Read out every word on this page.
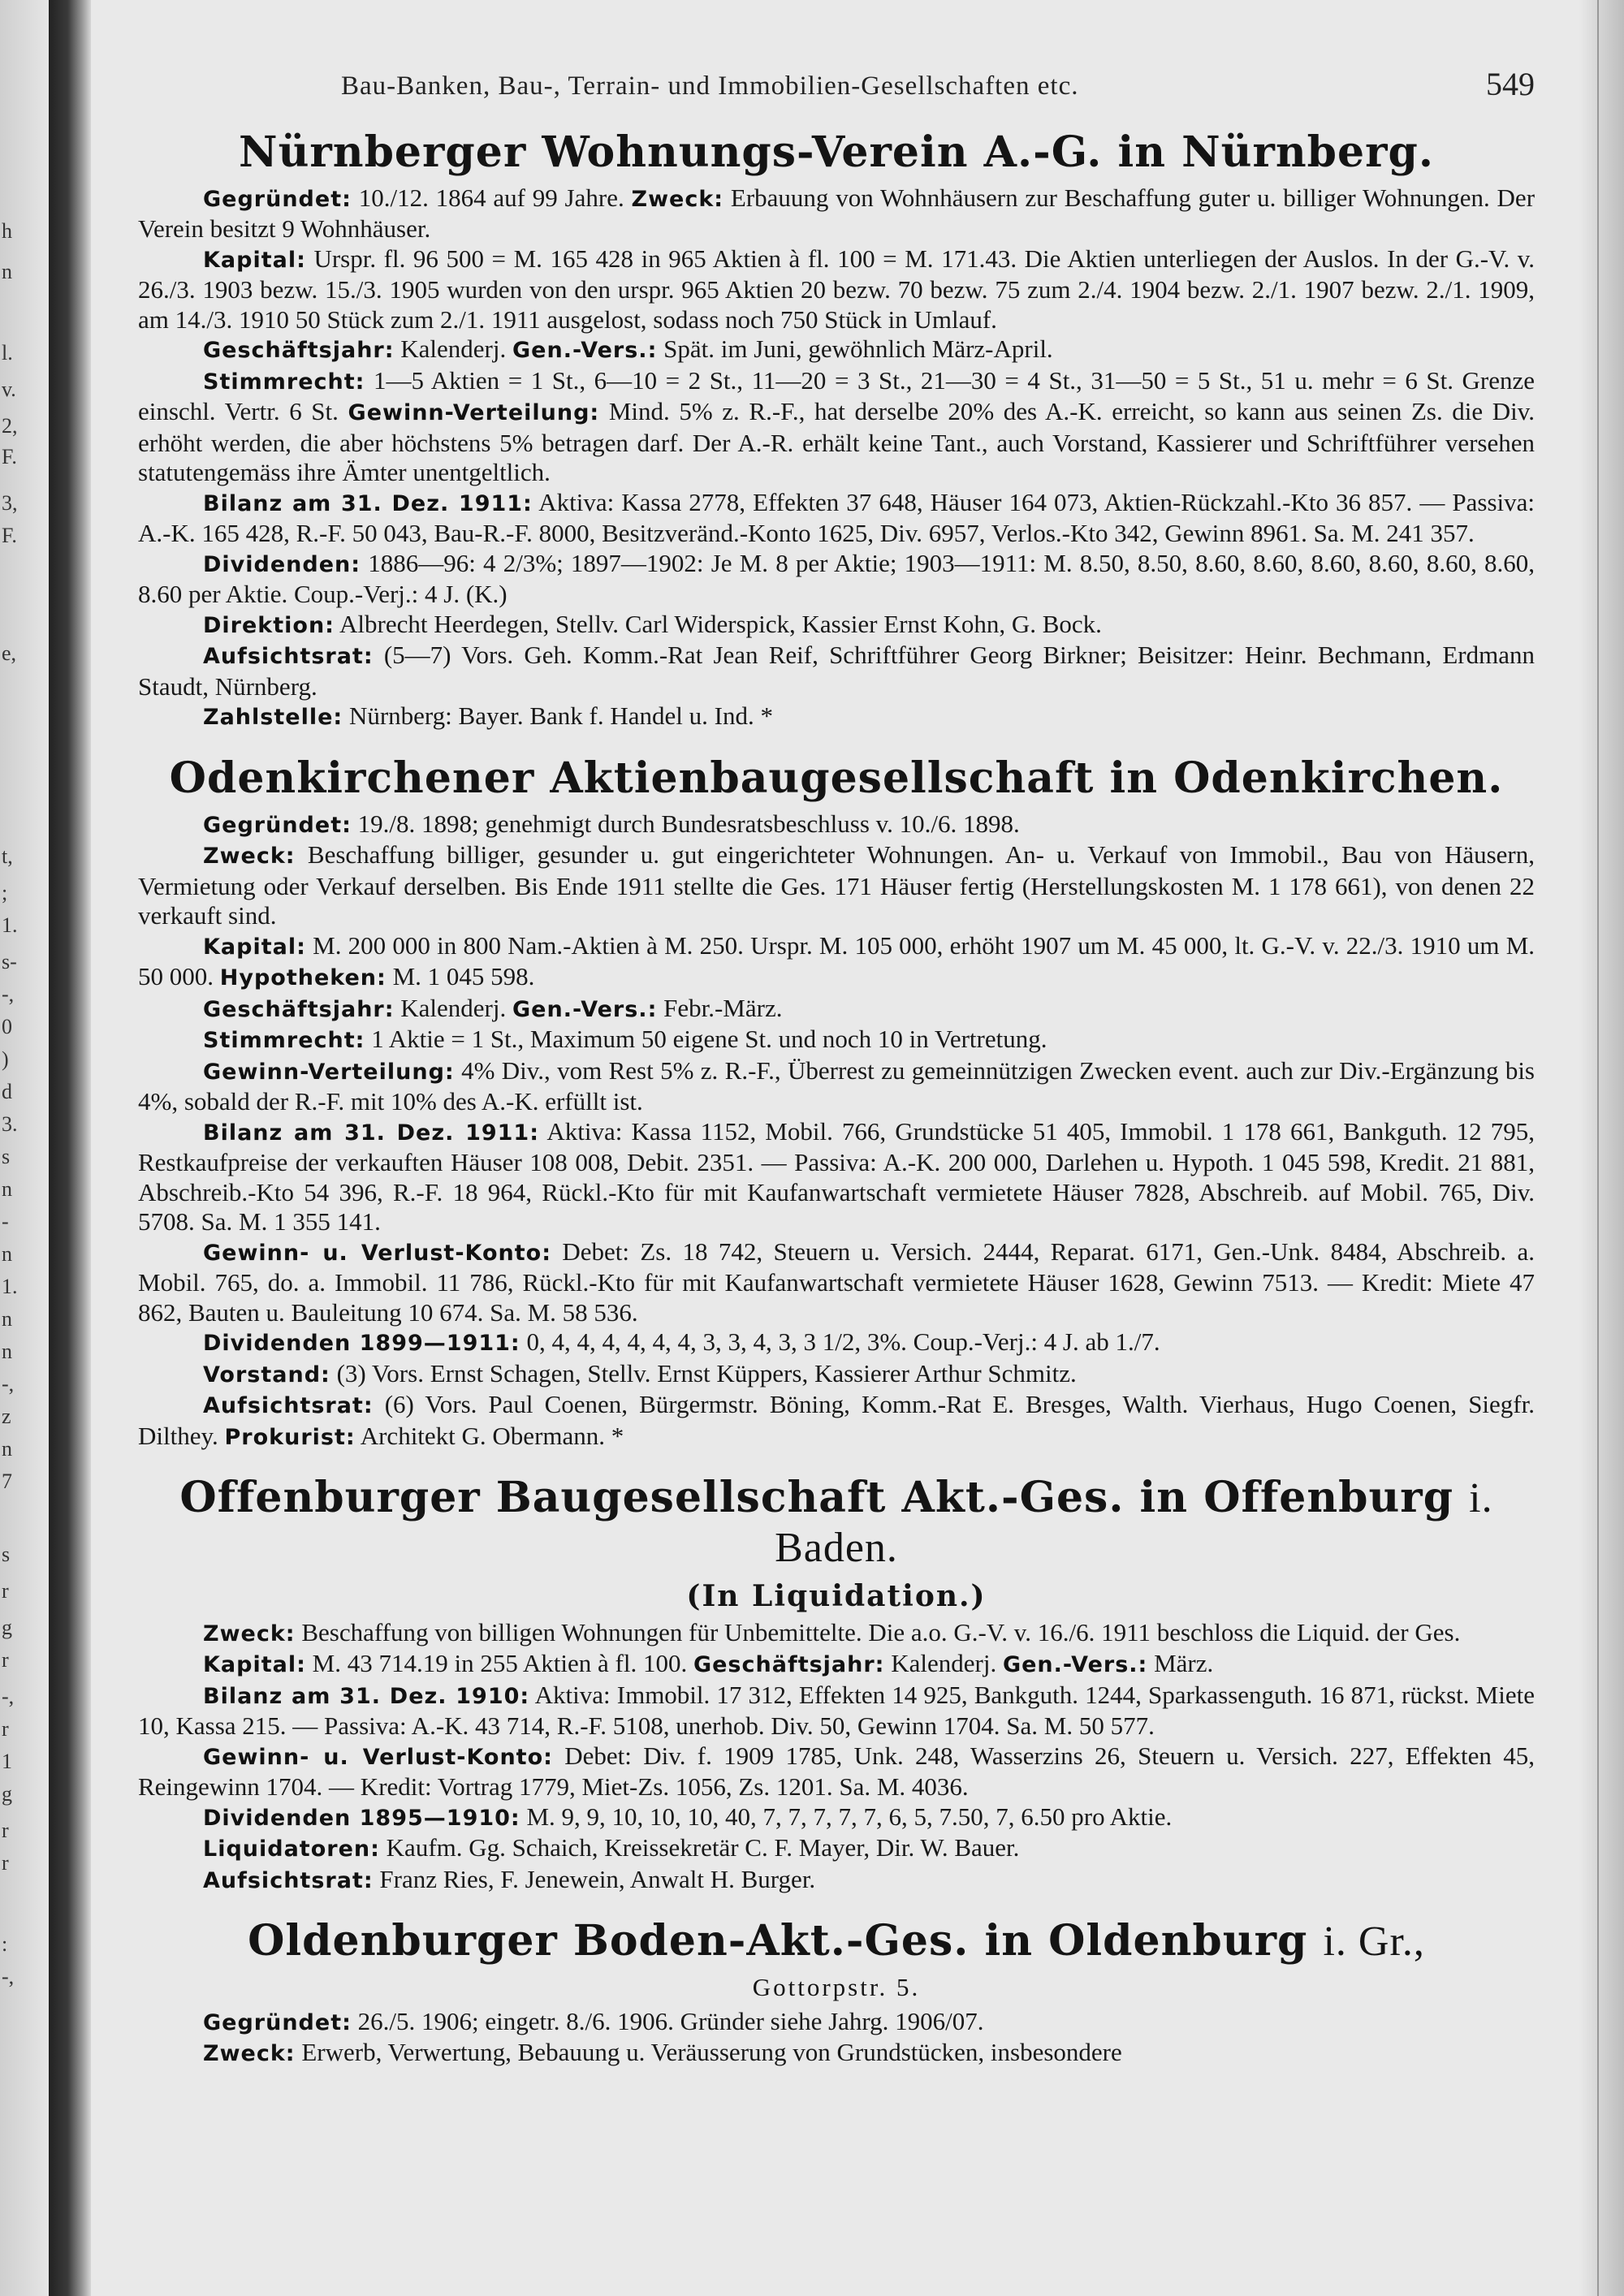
h
n
l.
v.
2,
F.
3,
F.
e,
t,
;
1.
s-
-,
0
)
d
3.
s
n
-
n
1.
n
n
-,
z
n
7
s
r
g
r
-,
r
1
g
r
r
:
-,
Bau-Banken, Bau-, Terrain- und Immobilien-Gesellschaften etc.	549
Nürnberger Wohnungs-Verein A.-G. in Nürnberg.

Gegründet: 10./12. 1864 auf 99 Jahre. Zweck: Erbauung von Wohnhäusern zur Beschaffung guter u. billiger Wohnungen. Der Verein besitzt 9 Wohnhäuser.

Kapital: Urspr. fl. 96 500 = M. 165 428 in 965 Aktien à fl. 100 = M. 171.43. Die Aktien unterliegen der Auslos. In der G.-V. v. 26./3. 1903 bezw. 15./3. 1905 wurden von den urspr. 965 Aktien 20 bezw. 70 bezw. 75 zum 2./4. 1904 bezw. 2./1. 1907 bezw. 2./1. 1909, am 14./3. 1910 50 Stück zum 2./1. 1911 ausgelost, sodass noch 750 Stück in Umlauf.

Geschäftsjahr: Kalenderj. Gen.-Vers.: Spät. im Juni, gewöhnlich März-April.

Stimmrecht: 1—5 Aktien = 1 St., 6—10 = 2 St., 11—20 = 3 St., 21—30 = 4 St., 31—50 = 5 St., 51 u. mehr = 6 St. Grenze einschl. Vertr. 6 St. Gewinn-Verteilung: Mind. 5% z. R.-F., hat derselbe 20% des A.-K. erreicht, so kann aus seinen Zs. die Div. erhöht werden, die aber höchstens 5% betragen darf. Der A.-R. erhält keine Tant., auch Vorstand, Kassierer und Schriftführer versehen statutengemäss ihre Ämter unentgeltlich.

Bilanz am 31. Dez. 1911: Aktiva: Kassa 2778, Effekten 37 648, Häuser 164 073, Aktien-Rückzahl.-Kto 36 857. — Passiva: A.-K. 165 428, R.-F. 50 043, Bau-R.-F. 8000, Besitzveränd.-Konto 1625, Div. 6957, Verlos.-Kto 342, Gewinn 8961. Sa. M. 241 357.

Dividenden: 1886—96: 4 2/3%; 1897—1902: Je M. 8 per Aktie; 1903—1911: M. 8.50, 8.50, 8.60, 8.60, 8.60, 8.60, 8.60, 8.60, 8.60 per Aktie. Coup.-Verj.: 4 J. (K.)

Direktion: Albrecht Heerdegen, Stellv. Carl Widerspick, Kassier Ernst Kohn, G. Bock.

Aufsichtsrat: (5—7) Vors. Geh. Komm.-Rat Jean Reif, Schriftführer Georg Birkner; Beisitzer: Heinr. Bechmann, Erdmann Staudt, Nürnberg.

Zahlstelle: Nürnberg: Bayer. Bank f. Handel u. Ind. *

Odenkirchener Aktienbaugesellschaft in Odenkirchen.

Gegründet: 19./8. 1898; genehmigt durch Bundesratsbeschluss v. 10./6. 1898.

Zweck: Beschaffung billiger, gesunder u. gut eingerichteter Wohnungen. An- u. Verkauf von Immobil., Bau von Häusern, Vermietung oder Verkauf derselben. Bis Ende 1911 stellte die Ges. 171 Häuser fertig (Herstellungskosten M. 1 178 661), von denen 22 verkauft sind.

Kapital: M. 200 000 in 800 Nam.-Aktien à M. 250. Urspr. M. 105 000, erhöht 1907 um M. 45 000, lt. G.-V. v. 22./3. 1910 um M. 50 000. Hypotheken: M. 1 045 598.

Geschäftsjahr: Kalenderj. Gen.-Vers.: Febr.-März.

Stimmrecht: 1 Aktie = 1 St., Maximum 50 eigene St. und noch 10 in Vertretung.

Gewinn-Verteilung: 4% Div., vom Rest 5% z. R.-F., Überrest zu gemeinnützigen Zwecken event. auch zur Div.-Ergänzung bis 4%, sobald der R.-F. mit 10% des A.-K. erfüllt ist.

Bilanz am 31. Dez. 1911: Aktiva: Kassa 1152, Mobil. 766, Grundstücke 51 405, Immobil. 1 178 661, Bankguth. 12 795, Restkaufpreise der verkauften Häuser 108 008, Debit. 2351. — Passiva: A.-K. 200 000, Darlehen u. Hypoth. 1 045 598, Kredit. 21 881, Abschreib.-Kto 54 396, R.-F. 18 964, Rückl.-Kto für mit Kaufanwartschaft vermietete Häuser 7828, Abschreib. auf Mobil. 765, Div. 5708. Sa. M. 1 355 141.

Gewinn- u. Verlust-Konto: Debet: Zs. 18 742, Steuern u. Versich. 2444, Reparat. 6171, Gen.-Unk. 8484, Abschreib. a. Mobil. 765, do. a. Immobil. 11 786, Rückl.-Kto für mit Kaufanwartschaft vermietete Häuser 1628, Gewinn 7513. — Kredit: Miete 47 862, Bauten u. Bauleitung 10 674. Sa. M. 58 536.

Dividenden 1899—1911: 0, 4, 4, 4, 4, 4, 4, 3, 3, 4, 3, 3 1/2, 3%. Coup.-Verj.: 4 J. ab 1./7.

Vorstand: (3) Vors. Ernst Schagen, Stellv. Ernst Küppers, Kassierer Arthur Schmitz.

Aufsichtsrat: (6) Vors. Paul Coenen, Bürgermstr. Böning, Komm.-Rat E. Bresges, Walth. Vierhaus, Hugo Coenen, Siegfr. Dilthey. Prokurist: Architekt G. Obermann. *

Offenburger Baugesellschaft Akt.-Ges. in Offenburg i. Baden.
(In Liquidation.)

Zweck: Beschaffung von billigen Wohnungen für Unbemittelte. Die a.o. G.-V. v. 16./6. 1911 beschloss die Liquid. der Ges.

Kapital: M. 43 714.19 in 255 Aktien à fl. 100. Geschäftsjahr: Kalenderj. Gen.-Vers.: März.

Bilanz am 31. Dez. 1910: Aktiva: Immobil. 17 312, Effekten 14 925, Bankguth. 1244, Sparkassenguth. 16 871, rückst. Miete 10, Kassa 215. — Passiva: A.-K. 43 714, R.-F. 5108, unerhob. Div. 50, Gewinn 1704. Sa. M. 50 577.

Gewinn- u. Verlust-Konto: Debet: Div. f. 1909 1785, Unk. 248, Wasserzins 26, Steuern u. Versich. 227, Effekten 45, Reingewinn 1704. — Kredit: Vortrag 1779, Miet-Zs. 1056, Zs. 1201. Sa. M. 4036.

Dividenden 1895—1910: M. 9, 9, 10, 10, 10, 40, 7, 7, 7, 7, 7, 6, 5, 7.50, 7, 6.50 pro Aktie.

Liquidatoren: Kaufm. Gg. Schaich, Kreissekretär C. F. Mayer, Dir. W. Bauer.

Aufsichtsrat: Franz Ries, F. Jenewein, Anwalt H. Burger.

Oldenburger Boden-Akt.-Ges. in Oldenburg i. Gr.,
Gottorpstr. 5.

Gegründet: 26./5. 1906; eingetr. 8./6. 1906. Gründer siehe Jahrg. 1906/07.

Zweck: Erwerb, Verwertung, Bebauung u. Veräusserung von Grundstücken, insbesondere
